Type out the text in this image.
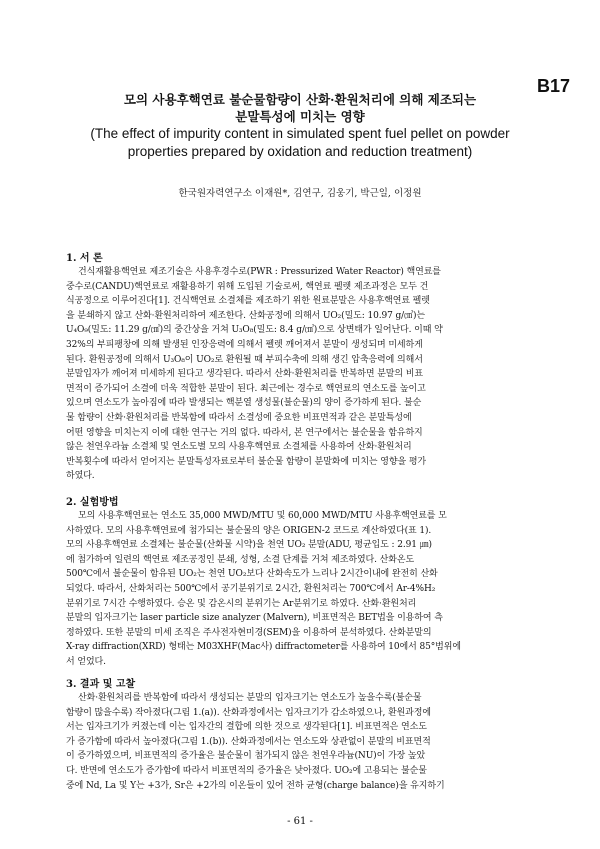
B17
모의 사용후핵연료 불순물함량이 산화·환원처리에 의해 제조되는
분말특성에 미치는 영향
(The effect of impurity content in simulated spent fuel pellet on powder
properties prepared by oxidation and reduction treatment)
한국원자력연구소 이재원*, 김연구, 김웅기, 박근일, 이정원
1. 서 론
건식재활용핵연료 제조기술은 사용후경수로(PWR : Pressurized Water Reactor) 핵연료를
중수로(CANDU)핵연료로 재활용하기 위해 도입된 기술로써, 핵연료 펠렛 제조과정은 모두 건
식공정으로 이루어진다[1]. 건식핵연료 소결체를 제조하기 위한 원료분말은 사용후핵연료 펠렛
을 분쇄하지 않고 산화·환원처리하여 제조한다. 산화공정에 의해서 UO₂(밀도: 10.97 g/㎤)는
U₄O₉(밀도: 11.29 g/㎤)의 중간상을 거쳐 U₃O₈(밀도: 8.4 g/㎤)으로 상변태가 일어난다. 이때 약
32%의 부피팽창에 의해 발생된 인장응력에 의해서 펠렛 깨어져서 분말이 생성되며 미세하게
된다. 환원공정에 의해서 U₃O₈이 UO₂로 환원될 때 부피수축에 의해 생긴 압축응력에 의해서
분말입자가 깨어져 미세하게 된다고 생각된다. 따라서 산화·환원처리를 반복하면 분말의 비표
면적이 증가되어 소결에 더욱 적합한 분말이 된다. 최근에는 경수로 핵연료의 연소도를 높이고
있으며 연소도가 높아짐에 따라 발생되는 핵분열 생성물(불순물)의 양이 증가하게 된다. 불순
물 함량이 산화·환원처리를 반복함에 따라서 소결성에 중요한 비표면적과 같은 분말특성에
어떤 영향을 미치는지 이에 대한 연구는 거의 없다. 따라서, 본 연구에서는 불순물을 함유하지
않은 천연우라늄 소결체 및 연소도별 모의 사용후핵연료 소결체를 사용하여 산화·환원처리
반복횟수에 따라서 얻어지는 분말특성자료로부터 불순물 함량이 분말화에 미치는 영향을 평가
하였다.
2. 실험방법
모의 사용후핵연료는 연소도 35,000 MWD/MTU 및 60,000 MWD/MTU 사용후핵연료를 모
사하였다. 모의 사용후핵연료에 첨가되는 불순물의 양은 ORIGEN-2 코드로 계산하였다(표 1).
모의 사용후핵연료 소결체는 불순물(산화물 시약)을 천연 UO₂ 분말(ADU, 평균입도 : 2.91 ㎛)
에 첨가하여 일련의 핵연료 제조공정인 분쇄, 성형, 소결 단계를 거쳐 제조하였다. 산화온도
500℃에서 불순물이 함유된 UO₂는 천연 UO₂보다 산화속도가 느리나 2시간이내에 완전히 산화
되었다. 따라서, 산화처리는 500℃에서 공기분위기로 2시간, 환원처리는 700℃에서 Ar-4%H₂
분위기로 7시간 수행하였다. 승온 및 감온시의 분위기는 Ar분위기로 하였다. 산화·환원처리
분말의 입자크기는 laser particle size analyzer (Malvern), 비표면적은 BET법을 이용하여 측
정하였다. 또한 분말의 미세 조직은 주사전자현미경(SEM)을 이용하여 분석하였다. 산화분말의
X-ray diffraction(XRD) 형태는 M03XHF(Mac사) diffractometer를 사용하여 10에서 85°범위에
서 얻었다.
3. 결과 및 고찰
산화·환원처리를 반복함에 따라서 생성되는 분말의 입자크기는 연소도가 높을수록(불순물
함량이 많을수록) 작아졌다(그림 1.(a)). 산화과정에서는 입자크기가 감소하였으나, 환원과정에
서는 입자크기가 커졌는데 이는 입자간의 결합에 의한 것으로 생각된다[1]. 비표면적은 연소도
가 증가함에 따라서 높아졌다(그림 1.(b)). 산화과정에서는 연소도와 상관없이 분말의 비표면적
이 증가하였으며, 비표면적의 증가율은 불순물이 첨가되지 않은 천연우라늄(NU)이 가장 높았
다. 반면에 연소도가 증가함에 따라서 비표면적의 증가율은 낮아졌다. UO₂에 고용되는 불순물
중에 Nd, La 및 Y는 +3가, Sr은 +2가의 이온들이 있어 전하 균형(charge balance)을 유지하기
- 61 -
